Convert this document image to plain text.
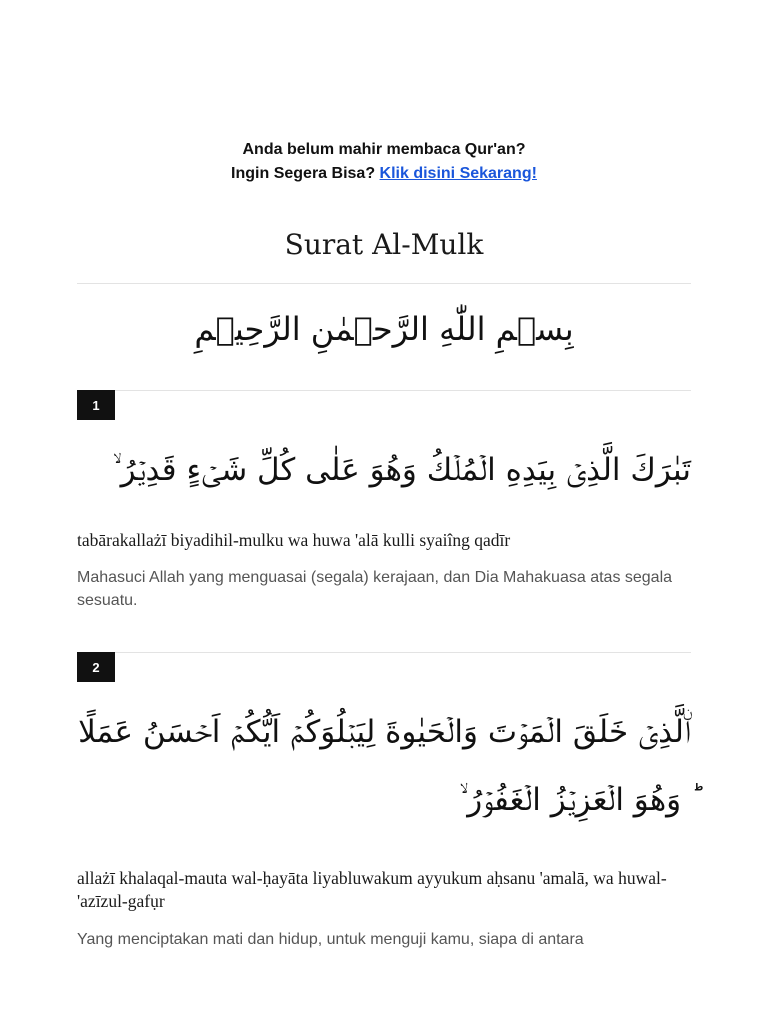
Anda belum mahir membaca Qur'an?
Ingin Segera Bisa? Klik disini Sekarang!
Surat Al-Mulk
بِسۡمِ اللّٰهِ الرَّحۡمٰنِ الرَّحِيۡمِ
1
تَبٰرَكَ الَّذِىۡ بِيَدِهِ الۡمُلۡكُ وَهُوَ عَلٰى كُلِّ شَىۡءٍ قَدِيۡرُ ۙ
tabārakallażī biyadihil-mulku wa huwa 'alā kulli syaiîng qadīr
Mahasuci Allah yang menguasai (segala) kerajaan, dan Dia Mahakuasa atas segala sesuatu.
2
اۨلَّذِىۡ خَلَقَ الۡمَوۡتَ وَالۡحَيٰوةَ لِيَبۡلُوَكُمۡ اَيُّكُمۡ اَحۡسَنُ عَمَلًا ؕ وَهُوَ الۡعَزِيۡزُ الۡغَفُوۡرُ ۙ
allażī khalaqal-mauta wal-ḥayāta liyabluwakum ayyukum aḥsanu 'amalā, wa huwal-'azīzul-gafụr
Yang menciptakan mati dan hidup, untuk menguji kamu, siapa di antara
